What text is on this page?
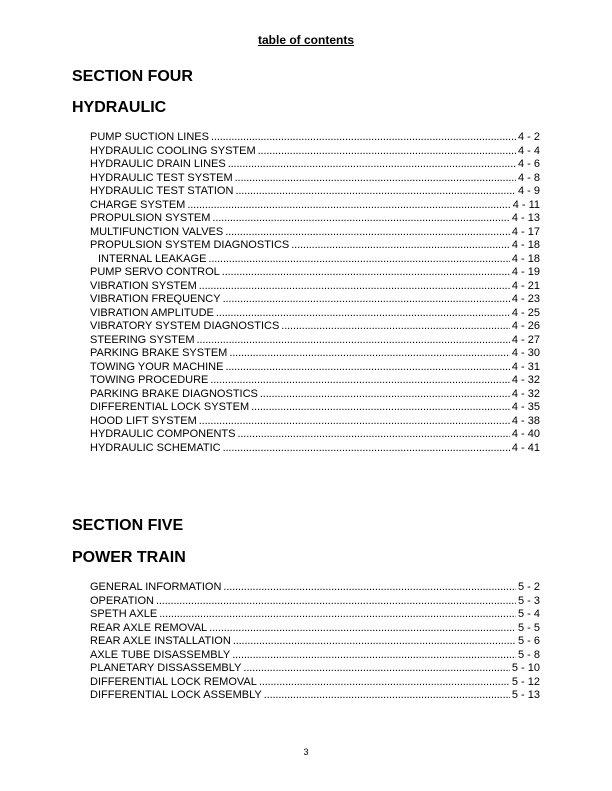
table of contents
SECTION FOUR
HYDRAULIC
PUMP SUCTION LINES . . .	4 - 2
HYDRAULIC COOLING SYSTEM . . .	4 - 4
HYDRAULIC DRAIN LINES . . .	4 - 6
HYDRAULIC TEST SYSTEM . . .	4 - 8
HYDRAULIC TEST STATION . . .	4 - 9
CHARGE SYSTEM . . .	4 - 11
PROPULSION SYSTEM . . .	4 - 13
MULTIFUNCTION VALVES . . .	4 - 17
PROPULSION SYSTEM DIAGNOSTICS . . .	4 - 18
INTERNAL LEAKAGE . . .	4 - 18
PUMP SERVO CONTROL . . .	4 - 19
VIBRATION SYSTEM . . .	4 - 21
VIBRATION FREQUENCY . . .	4 - 23
VIBRATION AMPLITUDE . . .	4 - 25
VIBRATORY SYSTEM DIAGNOSTICS . . .	4 - 26
STEERING SYSTEM . . .	4 - 27
PARKING BRAKE SYSTEM . . .	4 - 30
TOWING YOUR MACHINE . . .	4 - 31
TOWING PROCEDURE . . .	4 - 32
PARKING BRAKE DIAGNOSTICS . . .	4 - 32
DIFFERENTIAL LOCK SYSTEM . . .	4 - 35
HOOD LIFT SYSTEM . . .	4 - 38
HYDRAULIC COMPONENTS . . .	4 - 40
HYDRAULIC SCHEMATIC . . .	4 - 41
SECTION FIVE
POWER TRAIN
GENERAL INFORMATION . . .	5 - 2
OPERATION . . .	5 - 3
SPETH AXLE . . .	5 - 4
REAR AXLE REMOVAL . . .	5 - 5
REAR AXLE INSTALLATION . . .	5 - 6
AXLE TUBE DISASSEMBLY . . .	5 - 8
PLANETARY DISSASSEMBLY . . .	5 - 10
DIFFERENTIAL LOCK REMOVAL . . .	5 - 12
DIFFERENTIAL LOCK ASSEMBLY . . .	5 - 13
3
